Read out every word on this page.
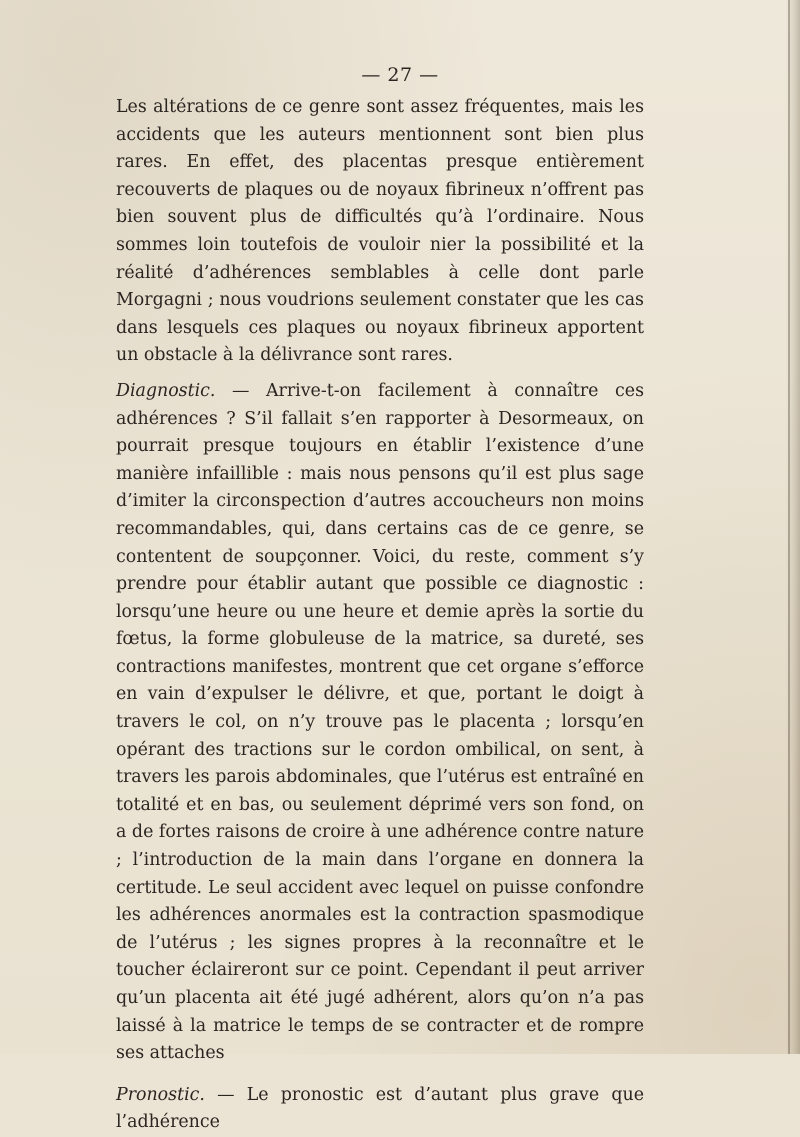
— 27 —

Les altérations de ce genre sont assez fréquentes, mais les accidents que les auteurs mentionnent sont bien plus rares. En effet, des placentas presque entièrement recouverts de plaques ou de noyaux fibrineux n’offrent pas bien souvent plus de difficultés qu’à l’ordinaire. Nous sommes loin toutefois de vouloir nier la possibilité et la réalité d’adhérences semblables à celle dont parle Morgagni ; nous voudrions seulement constater que les cas dans lesquels ces plaques ou noyaux fibrineux apportent un obstacle à la délivrance sont rares.

Diagnostic. — Arrive-t-on facilement à connaître ces adhérences ? S’il fallait s’en rapporter à Desormeaux, on pourrait presque toujours en établir l’existence d’une manière infaillible : mais nous pensons qu’il est plus sage d’imiter la circonspection d’autres accoucheurs non moins recommandables, qui, dans certains cas de ce genre, se contentent de soupçonner. Voici, du reste, comment s’y prendre pour établir autant que possible ce diagnostic : lorsqu’une heure ou une heure et demie après la sortie du fœtus, la forme globuleuse de la matrice, sa dureté, ses contractions manifestes, montrent que cet organe s’efforce en vain d’expulser le délivre, et que, portant le doigt à travers le col, on n’y trouve pas le placenta ; lorsqu’en opérant des tractions sur le cordon ombilical, on sent, à travers les parois abdominales, que l’utérus est entraîné en totalité et en bas, ou seulement déprimé vers son fond, on a de fortes raisons de croire à une adhérence contre nature ; l’introduction de la main dans l’organe en donnera la certitude. Le seul accident avec lequel on puisse confondre les adhérences anormales est la contraction spasmodique de l’utérus ; les signes propres à la reconnaître et le toucher éclaireront sur ce point. Cependant il peut arriver qu’un placenta ait été jugé adhérent, alors qu’on n’a pas laissé à la matrice le temps de se contracter et de rompre ses attaches

Pronostic. — Le pronostic est d’autant plus grave que l’adhérence
